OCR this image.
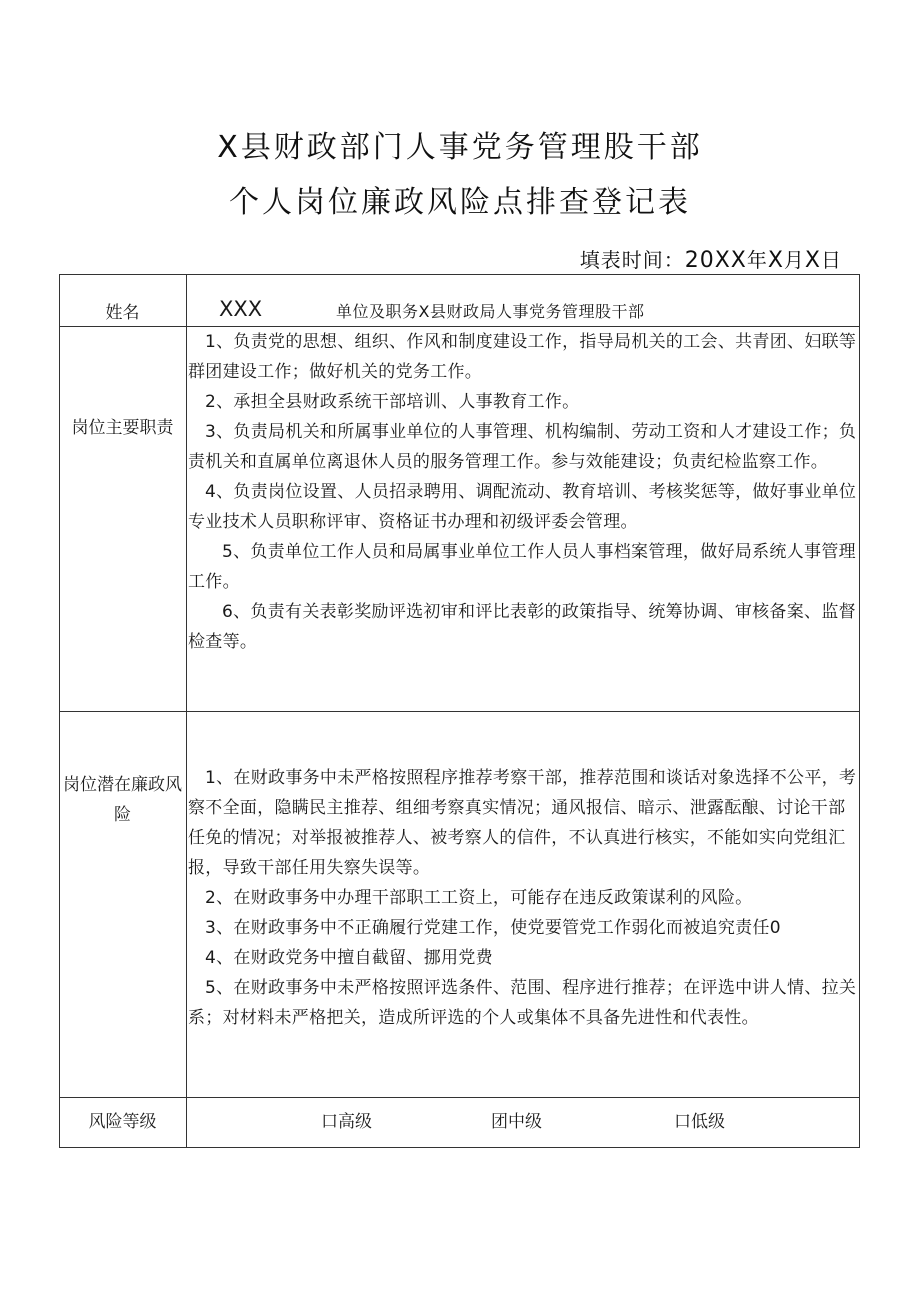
X县财政部门人事党务管理股干部
个人岗位廉政风险点排查登记表
填表时间：20XX年X月X日
姓名	XXX	单位及职务X县财政局人事党务管理股干部
岗位主要职责

1、负责党的思想、组织、作风和制度建设工作，指导局机关的工会、共青团、妇联等群团建设工作；做好机关的党务工作。

2、承担全县财政系统干部培训、人事教育工作。

3、负责局机关和所属事业单位的人事管理、机构编制、劳动工资和人才建设工作；负责机关和直属单位离退休人员的服务管理工作。参与效能建设；负责纪检监察工作。

4、负责岗位设置、人员招录聘用、调配流动、教育培训、考核奖惩等，做好事业单位专业技术人员职称评审、资格证书办理和初级评委会管理。

5、负责单位工作人员和局属事业单位工作人员人事档案管理，做好局系统人事管理工作。

6、负责有关表彰奖励评选初审和评比表彰的政策指导、统筹协调、审核备案、监督检查等。

岗位潜在廉政风险

1、在财政事务中未严格按照程序推荐考察干部，推荐范围和谈话对象选择不公平，考察不全面，隐瞒民主推荐、组细考察真实情况；通风报信、暗示、泄露酝酿、讨论干部任免的情况；对举报被推荐人、被考察人的信件，不认真进行核实，不能如实向党组汇报，导致干部任用失察失误等。

2、在财政事务中办理干部职工工资上，可能存在违反政策谋利的风险。

3、在财政事务中不正确履行党建工作，使党要管党工作弱化而被追究责任0

4、在财政党务中擅自截留、挪用党费

5、在财政事务中未严格按照评选条件、范围、程序进行推荐；在评选中讲人情、拉关系；对材料未严格把关，造成所评选的个人或集体不具备先进性和代表性。

风险等级	口高级	团中级	口低级
